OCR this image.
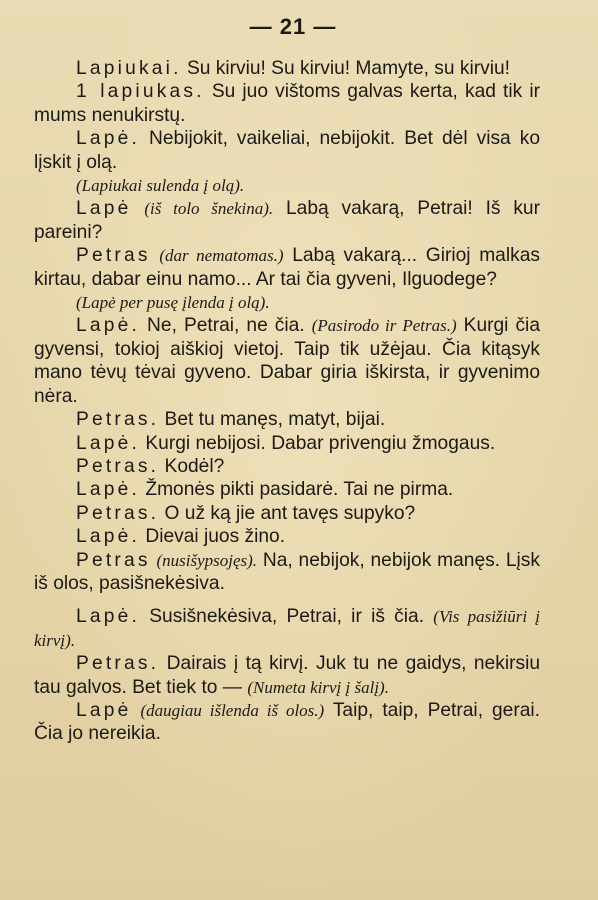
— 21 —

Lapiukai. Su kirviu! Su kirviu! Mamyte, su kirviu!

1 lapiukas. Su juo vištoms galvas kerta, kad tik ir mums nenukirstų.

Lapė. Nebijokit, vaikeliai, nebijokit. Bet dėl visa ko lįskit į olą.

(Lapiukai sulenda į olą).

Lapė (iš tolo šnekina). Labą vakarą, Petrai! Iš kur pareini?

Petras (dar nematomas.) Labą vakarą... Girioj malkas kirtau, dabar einu namo... Ar tai čia gyveni, Ilguodege?

(Lapė per pusę įlenda į olą).

Lapė. Ne, Petrai, ne čia. (Pasirodo ir Petras.) Kurgi čia gyvensi, tokioj aiškioj vietoj. Taip tik užėjau. Čia kitąsyk mano tėvų tėvai gyveno. Dabar giria iškirsta, ir gyvenimo nėra.

Petras. Bet tu manęs, matyt, bijai.

Lapė. Kurgi nebijosi. Dabar privengiu žmogaus.

Petras. Kodėl?

Lapė. Žmonės pikti pasidarė. Tai ne pirma.

Petras. O už ką jie ant tavęs supyko?

Lapė. Dievai juos žino.

Petras (nusišypsojęs). Na, nebijok, nebijok manęs. Lįsk iš olos, pasišnekėsiva.

Lapė. Susišnekėsiva, Petrai, ir iš čia. (Vis pasižiūri į kirvį).

Petras. Dairais į tą kirvį. Juk tu ne gaidys, nekirsiu tau galvos. Bet tiek to — (Numeta kirvį į šalį).

Lapė (daugiau išlenda iš olos.) Taip, taip, Petrai, gerai. Čia jo nereikia.
